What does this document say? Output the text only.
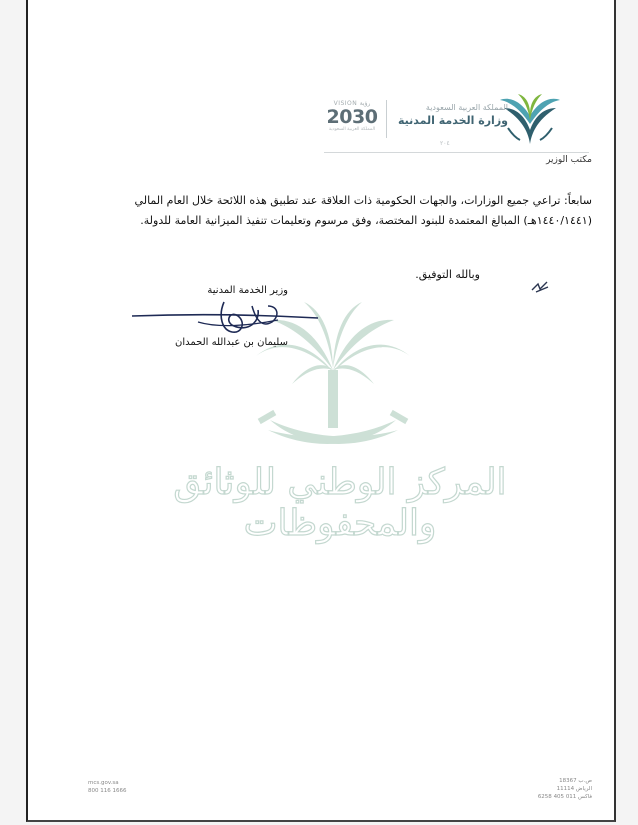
المملكة العربية السعودية
وزارة الخدمة المدنية
VISION رؤية
2030
المملكة العربية السعودية
٢٠٤
مكتب الوزير
سابعاً: تراعي جميع الوزارات، والجهات الحكومية ذات العلاقة عند تطبيق هذه اللائحة خلال العام المالي (١٤٤٠/١٤٤١هـ) المبالغ المعتمدة للبنود المختصة، وفق مرسوم وتعليمات تنفيذ الميزانية العامة للدولة.
وبالله التوفيق.
المركز الوطني للوثائق والمحفوظات
وزير الخدمة المدنية
سليمان بن عبدالله الحمدان
mcs.gov.sa
800 116 1666
ص.ب 18367
الرياض 11114
فاكس 011 405 6258
